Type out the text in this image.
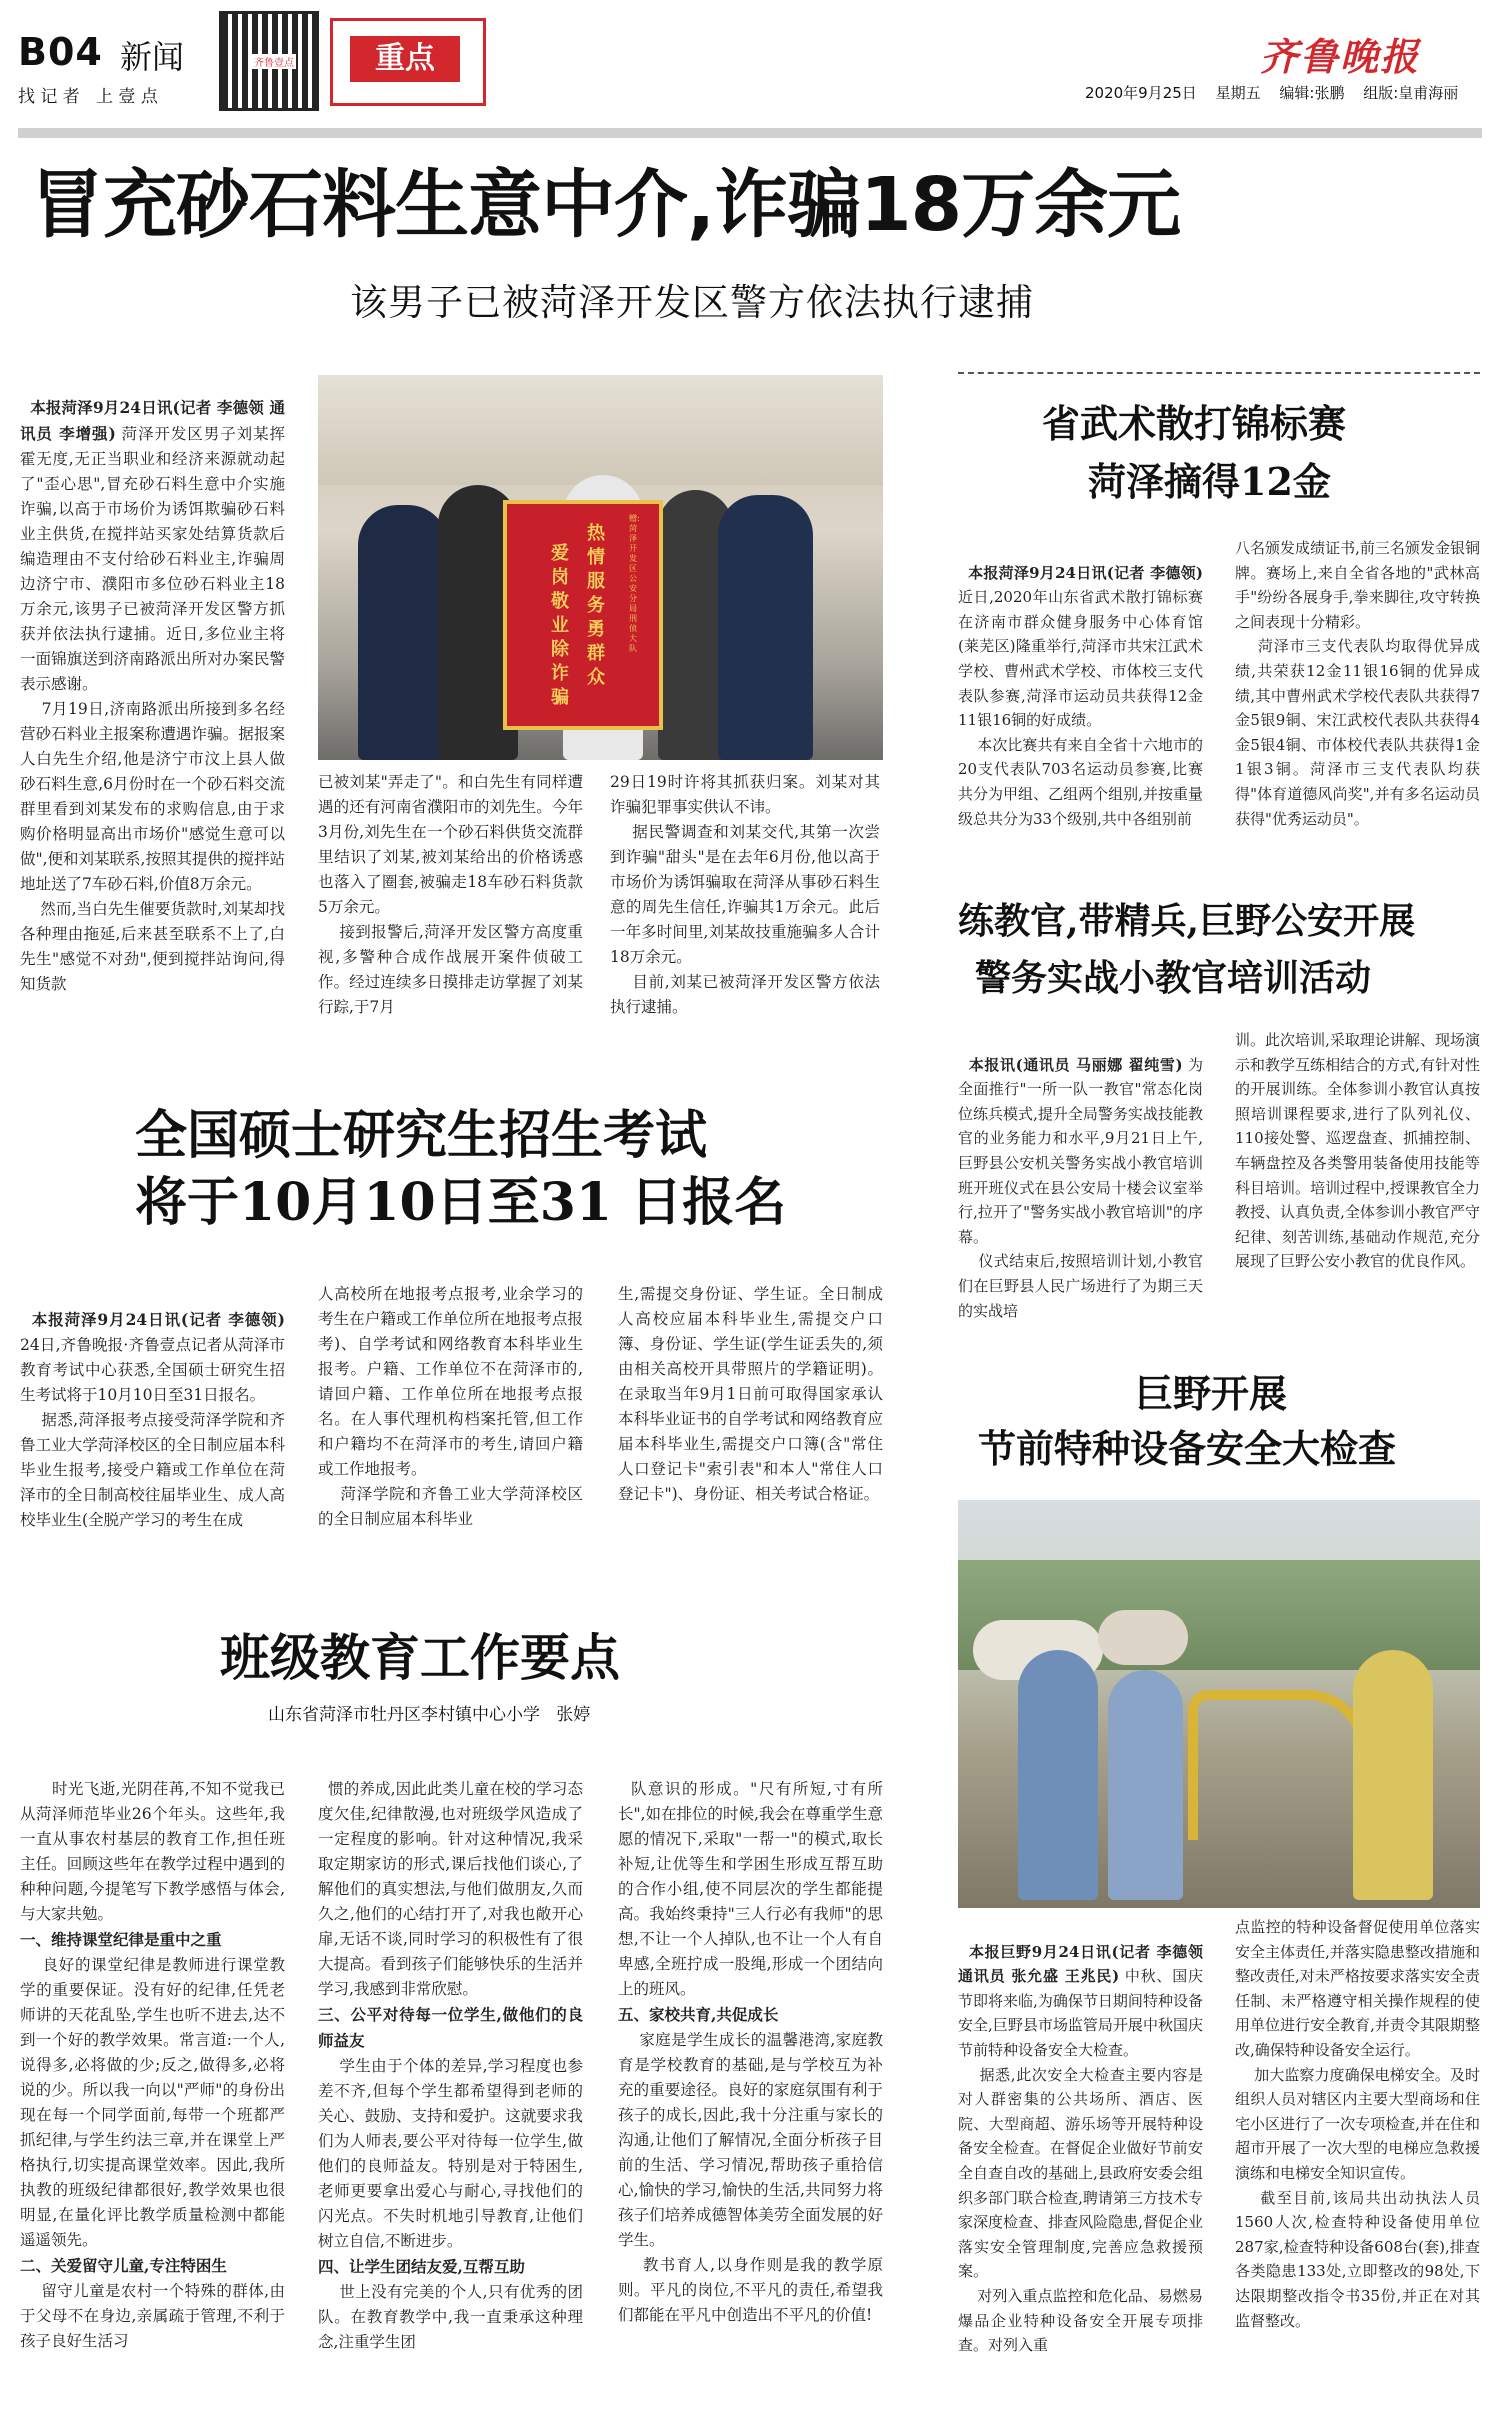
B04 新闻
找 记 者   上 壹 点
齐鲁壹点	重点	齐鲁晚报
2020年9月25日 星期五 编辑:张鹏 组版:皇甫海丽
冒充砂石料生意中介,诈骗18万余元
该男子已被菏泽开发区警方依法执行逮捕

本报菏泽9月24日讯(记者 李德领 通讯员 李增强) 菏泽开发区男子刘某挥霍无度,无正当职业和经济来源就动起了"歪心思",冒充砂石料生意中介实施诈骗,以高于市场价为诱饵欺骗砂石料业主供货,在搅拌站买家处结算货款后编造理由不支付给砂石料业主,诈骗周边济宁市、濮阳市多位砂石料业主18万余元,该男子已被菏泽开发区警方抓获并依法执行逮捕。近日,多位业主将一面锦旗送到济南路派出所对办案民警表示感谢。
7月19日,济南路派出所接到多名经营砂石料业主报案称遭遇诈骗。据报案人白先生介绍,他是济宁市汶上县人做砂石料生意,6月份时在一个砂石料交流群里看到刘某发布的求购信息,由于求购价格明显高出市场价"感觉生意可以做",便和刘某联系,按照其提供的搅拌站地址送了7车砂石料,价值8万余元。
然而,当白先生催要货款时,刘某却找各种理由拖延,后来甚至联系不上了,白先生"感觉不对劲",便到搅拌站询问,得知货款

热情服务勇群众
爱岗敬业除诈骗
赠:菏泽开发区公安分局刑侦大队
已被刘某"弄走了"。和白先生有同样遭遇的还有河南省濮阳市的刘先生。今年3月份,刘先生在一个砂石料供货交流群里结识了刘某,被刘某给出的价格诱惑也落入了圈套,被骗走18车砂石料货款5万余元。
接到报警后,菏泽开发区警方高度重视,多警种合成作战展开案件侦破工作。经过连续多日摸排走访掌握了刘某行踪,于7月
29日19时许将其抓获归案。刘某对其诈骗犯罪事实供认不讳。
据民警调查和刘某交代,其第一次尝到诈骗"甜头"是在去年6月份,他以高于市场价为诱饵骗取在菏泽从事砂石料生意的周先生信任,诈骗其1万余元。此后一年多时间里,刘某故技重施骗多人合计18万余元。
目前,刘某已被菏泽开发区警方依法执行逮捕。
全国硕士研究生招生考试
将于10月10日至31 日报名

本报菏泽9月24日讯(记者 李德领) 24日,齐鲁晚报·齐鲁壹点记者从菏泽市教育考试中心获悉,全国硕士研究生招生考试将于10月10日至31日报名。
据悉,菏泽报考点接受菏泽学院和齐鲁工业大学菏泽校区的全日制应届本科毕业生报考,接受户籍或工作单位在菏泽市的全日制高校往届毕业生、成人高校毕业生(全脱产学习的考生在成

人高校所在地报考点报考,业余学习的考生在户籍或工作单位所在地报考点报考)、自学考试和网络教育本科毕业生报考。户籍、工作单位不在菏泽市的,请回户籍、工作单位所在地报考点报名。在人事代理机构档案托管,但工作和户籍均不在菏泽市的考生,请回户籍或工作地报考。
菏泽学院和齐鲁工业大学菏泽校区的全日制应届本科毕业
生,需提交身份证、学生证。全日制成人高校应届本科毕业生,需提交户口簿、身份证、学生证(学生证丢失的,须由相关高校开具带照片的学籍证明)。在录取当年9月1日前可取得国家承认本科毕业证书的自学考试和网络教育应届本科毕业生,需提交户口簿(含"常住人口登记卡"索引表"和本人"常住人口登记卡")、身份证、相关考试合格证。
班级教育工作要点
山东省菏泽市牡丹区李村镇中心小学   张婷

时光飞逝,光阴荏苒,不知不觉我已从菏泽师范毕业26个年头。这些年,我一直从事农村基层的教育工作,担任班主任。回顾这些年在教学过程中遇到的种种问题,今提笔写下教学感悟与体会,与大家共勉。
一、维持课堂纪律是重中之重
良好的课堂纪律是教师进行课堂教学的重要保证。没有好的纪律,任凭老师讲的天花乱坠,学生也听不进去,达不到一个好的教学效果。常言道:一个人,说得多,必将做的少;反之,做得多,必将说的少。所以我一向以"严师"的身份出现在每一个同学面前,每带一个班都严抓纪律,与学生约法三章,并在课堂上严格执行,切实提高课堂效率。因此,我所执教的班级纪律都很好,教学效果也很明显,在量化评比教学质量检测中都能遥遥领先。
二、关爱留守儿童,专注特困生
留守儿童是农村一个特殊的群体,由于父母不在身边,亲属疏于管理,不利于孩子良好生活习

惯的养成,因此此类儿童在校的学习态度欠佳,纪律散漫,也对班级学风造成了一定程度的影响。针对这种情况,我采取定期家访的形式,课后找他们谈心,了解他们的真实想法,与他们做朋友,久而久之,他们的心结打开了,对我也敞开心扉,无话不谈,同时学习的积极性有了很大提高。看到孩子们能够快乐的生活并学习,我感到非常欣慰。
三、公平对待每一位学生,做他们的良师益友
学生由于个体的差异,学习程度也参差不齐,但每个学生都希望得到老师的关心、鼓励、支持和爱护。这就要求我们为人师表,要公平对待每一位学生,做他们的良师益友。特别是对于特困生,老师更要拿出爱心与耐心,寻找他们的闪光点。不失时机地引导教育,让他们树立自信,不断进步。
四、让学生团结友爱,互帮互助
世上没有完美的个人,只有优秀的团队。在教育教学中,我一直秉承这种理念,注重学生团

队意识的形成。"尺有所短,寸有所长",如在排位的时候,我会在尊重学生意愿的情况下,采取"一帮一"的模式,取长补短,让优等生和学困生形成互帮互助的合作小组,使不同层次的学生都能提高。我始终秉持"三人行必有我师"的思想,不让一个人掉队,也不让一个人有自卑感,全班拧成一股绳,形成一个团结向上的班风。
五、家校共育,共促成长
家庭是学生成长的温馨港湾,家庭教育是学校教育的基础,是与学校互为补充的重要途径。良好的家庭氛围有利于孩子的成长,因此,我十分注重与家长的沟通,让他们了解情况,全面分析孩子目前的生活、学习情况,帮助孩子重拾信心,愉快的学习,愉快的生活,共同努力将孩子们培养成德智体美劳全面发展的好学生。
教书育人,以身作则是我的教学原则。平凡的岗位,不平凡的责任,希望我们都能在平凡中创造出不平凡的价值!

省武术散打锦标赛
菏泽摘得12金

本报菏泽9月24日讯(记者 李德领) 近日,2020年山东省武术散打锦标赛在济南市群众健身服务中心体育馆(莱芜区)隆重举行,菏泽市共宋江武术学校、曹州武术学校、市体校三支代表队参赛,菏泽市运动员共获得12金11银16铜的好成绩。
本次比赛共有来自全省十六地市的20支代表队703名运动员参赛,比赛共分为甲组、乙组两个组别,并按重量级总共分为33个级别,共中各组别前

八名颁发成绩证书,前三名颁发金银铜牌。赛场上,来自全省各地的"武林高手"纷纷各展身手,拳来脚往,攻守转换之间表现十分精彩。
菏泽市三支代表队均取得优异成绩,共荣获12金11银16铜的优异成绩,其中曹州武术学校代表队共获得7金5银9铜、宋江武校代表队共获得4金5银4铜、市体校代表队共获得1金1银3铜。菏泽市三支代表队均获得"体育道德风尚奖",并有多名运动员获得"优秀运动员"。
练教官,带精兵,巨野公安开展
警务实战小教官培训活动

本报讯(通讯员 马丽娜 翟纯雪) 为全面推行"一所一队一教官"常态化岗位练兵模式,提升全局警务实战技能教官的业务能力和水平,9月21日上午,巨野县公安机关警务实战小教官培训班开班仪式在县公安局十楼会议室举行,拉开了"警务实战小教官培训"的序幕。
仪式结束后,按照培训计划,小教官们在巨野县人民广场进行了为期三天的实战培

训。此次培训,采取理论讲解、现场演示和教学互练相结合的方式,有针对性的开展训练。全体参训小教官认真按照培训课程要求,进行了队列礼仪、110接处警、巡逻盘查、抓捕控制、车辆盘控及各类警用装备使用技能等科目培训。培训过程中,授课教官全力教授、认真负责,全体参训小教官严守纪律、刻苦训练,基础动作规范,充分展现了巨野公安小教官的优良作风。
巨野开展
节前特种设备安全大检查

本报巨野9月24日讯(记者 李德领 通讯员 张允盛 王兆民) 中秋、国庆节即将来临,为确保节日期间特种设备安全,巨野县市场监管局开展中秋国庆节前特种设备安全大检查。
据悉,此次安全大检查主要内容是对人群密集的公共场所、酒店、医院、大型商超、游乐场等开展特种设备安全检查。在督促企业做好节前安全自查自改的基础上,县政府安委会组织多部门联合检查,聘请第三方技术专家深度检查、排查风险隐患,督促企业落实安全管理制度,完善应急救援预案。
对列入重点监控和危化品、易燃易爆品企业特种设备安全开展专项排查。对列入重

点监控的特种设备督促使用单位落实安全主体责任,并落实隐患整改措施和整改责任,对未严格按要求落实安全责任制、未严格遵守相关操作规程的使用单位进行安全教育,并责令其限期整改,确保特种设备安全运行。
加大监察力度确保电梯安全。及时组织人员对辖区内主要大型商场和住宅小区进行了一次专项检查,并在住和超市开展了一次大型的电梯应急救援演练和电梯安全知识宣传。
截至目前,该局共出动执法人员1560人次,检查特种设备使用单位287家,检查特种设备608台(套),排查各类隐患133处,立即整改的98处,下达限期整改指令书35份,并正在对其监督整改。
